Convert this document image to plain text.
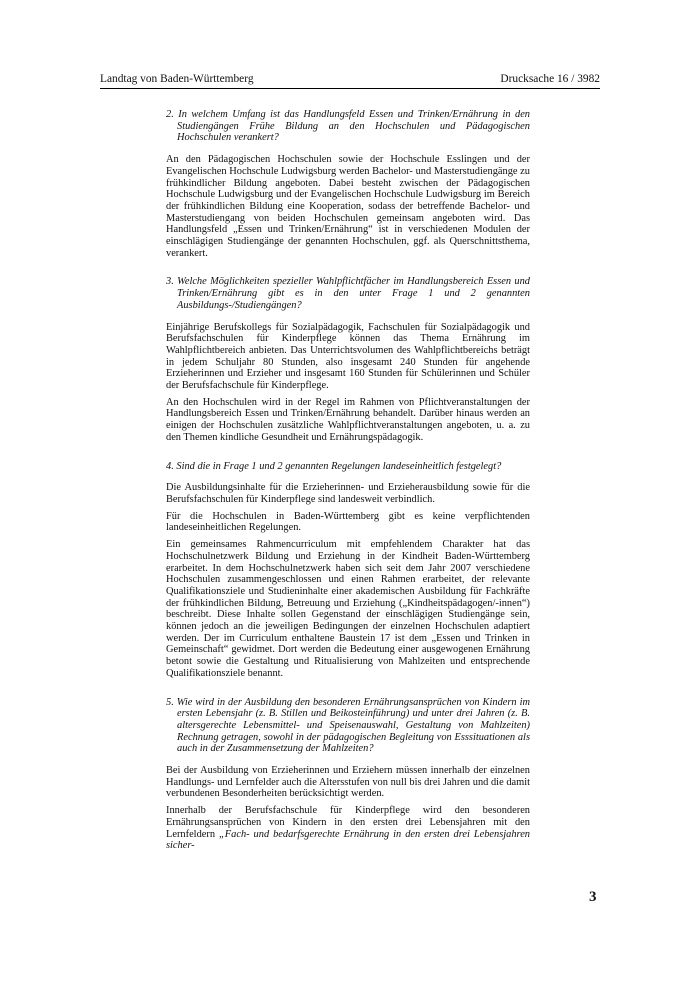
Landtag von Baden-Württemberg	Drucksache 16 / 3982

2. In welchem Umfang ist das Handlungsfeld Essen und Trinken/Ernährung in den Studiengängen Frühe Bildung an den Hochschulen und Pädagogischen Hochschulen verankert?

An den Pädagogischen Hochschulen sowie der Hochschule Esslingen und der Evangelischen Hochschule Ludwigsburg werden Bachelor- und Masterstudiengänge zu frühkindlicher Bildung angeboten. Dabei besteht zwischen der Pädagogischen Hochschule Ludwigsburg und der Evangelischen Hochschule Ludwigsburg im Bereich der frühkindlichen Bildung eine Kooperation, sodass der betreffende Bachelor- und Masterstudiengang von beiden Hochschulen gemeinsam angeboten wird. Das Handlungsfeld „Essen und Trinken/Ernährung“ ist in verschiedenen Modulen der einschlägigen Studiengänge der genannten Hochschulen, ggf. als Querschnittsthema, verankert.

3. Welche Möglichkeiten spezieller Wahlpflichtfächer im Handlungsbereich Essen und Trinken/Ernährung gibt es in den unter Frage 1 und 2 genannten Ausbildungs-/Studiengängen?

Einjährige Berufskollegs für Sozialpädagogik, Fachschulen für Sozialpädagogik und Berufsfachschulen für Kinderpflege können das Thema Ernährung im Wahlpflichtbereich anbieten. Das Unterrichtsvolumen des Wahlpflichtbereichs beträgt in jedem Schuljahr 80 Stunden, also insgesamt 240 Stunden für angehende Erzieherinnen und Erzieher und insgesamt 160 Stunden für Schülerinnen und Schüler der Berufsfachschule für Kinderpflege.

An den Hochschulen wird in der Regel im Rahmen von Pflichtveranstaltungen der Handlungsbereich Essen und Trinken/Ernährung behandelt. Darüber hinaus werden an einigen der Hochschulen zusätzliche Wahlpflichtveranstaltungen angeboten, u. a. zu den Themen kindliche Gesundheit und Ernährungspädagogik.

4. Sind die in Frage 1 und 2 genannten Regelungen landeseinheitlich festgelegt?

Die Ausbildungsinhalte für die Erzieherinnen- und Erzieherausbildung sowie für die Berufsfachschulen für Kinderpflege sind landesweit verbindlich.

Für die Hochschulen in Baden-Württemberg gibt es keine verpflichtenden landeseinheitlichen Regelungen.

Ein gemeinsames Rahmencurriculum mit empfehlendem Charakter hat das Hochschulnetzwerk Bildung und Erziehung in der Kindheit Baden-Württemberg erarbeitet. In dem Hochschulnetzwerk haben sich seit dem Jahr 2007 verschiedene Hochschulen zusammengeschlossen und einen Rahmen erarbeitet, der relevante Qualifikationsziele und Studieninhalte einer akademischen Ausbildung für Fachkräfte der frühkindlichen Bildung, Betreuung und Erziehung („Kindheitspädagogen/-innen“) beschreibt. Diese Inhalte sollen Gegenstand der einschlägigen Studiengänge sein, können jedoch an die jeweiligen Bedingungen der einzelnen Hochschulen adaptiert werden. Der im Curriculum enthaltene Baustein 17 ist dem „Essen und Trinken in Gemeinschaft“ gewidmet. Dort werden die Bedeutung einer ausgewogenen Ernährung betont sowie die Gestaltung und Ritualisierung von Mahlzeiten und entsprechende Qualifikationsziele benannt.

5. Wie wird in der Ausbildung den besonderen Ernährungsansprüchen von Kindern im ersten Lebensjahr (z. B. Stillen und Beikosteinführung) und unter drei Jahren (z. B. altersgerechte Lebensmittel- und Speisenauswahl, Gestaltung von Mahlzeiten) Rechnung getragen, sowohl in der pädagogischen Begleitung von Esssituationen als auch in der Zusammensetzung der Mahlzeiten?

Bei der Ausbildung von Erzieherinnen und Erziehern müssen innerhalb der einzelnen Handlungs- und Lernfelder auch die Altersstufen von null bis drei Jahren und die damit verbundenen Besonderheiten berücksichtigt werden.

Innerhalb der Berufsfachschule für Kinderpflege wird den besonderen Ernährungsansprüchen von Kindern in den ersten drei Lebensjahren mit den Lernfeldern „Fach- und bedarfsgerechte Ernährung in den ersten drei Lebensjahren sicher-

3
